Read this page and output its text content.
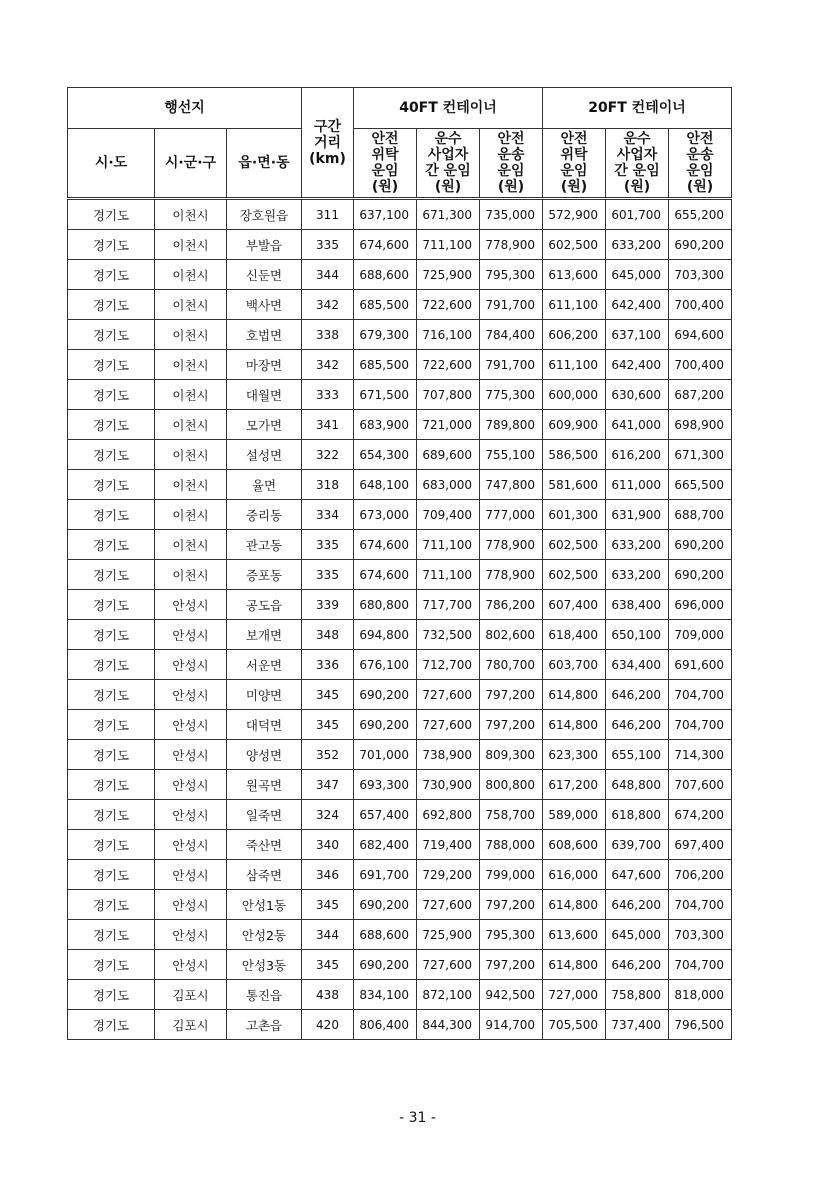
행선지			구간
거리
(km)	40FT 컨테이너			20FT 컨테이너		
시·도	시·군·구	읍·면·동		안전
위탁
운임
(원)	운수
사업자
간 운임
(원)	안전
운송
운임
(원)	안전
위탁
운임
(원)	운수
사업자
간 운임
(원)	안전
운송
운임
(원)

경기도	이천시	장호원읍	311	637,100	671,300	735,000	572,900	601,700	655,200
경기도	이천시	부발읍	335	674,600	711,100	778,900	602,500	633,200	690,200
경기도	이천시	신둔면	344	688,600	725,900	795,300	613,600	645,000	703,300
경기도	이천시	백사면	342	685,500	722,600	791,700	611,100	642,400	700,400
경기도	이천시	호법면	338	679,300	716,100	784,400	606,200	637,100	694,600
경기도	이천시	마장면	342	685,500	722,600	791,700	611,100	642,400	700,400
경기도	이천시	대월면	333	671,500	707,800	775,300	600,000	630,600	687,200
경기도	이천시	모가면	341	683,900	721,000	789,800	609,900	641,000	698,900
경기도	이천시	설성면	322	654,300	689,600	755,100	586,500	616,200	671,300
경기도	이천시	율면	318	648,100	683,000	747,800	581,600	611,000	665,500
경기도	이천시	중리동	334	673,000	709,400	777,000	601,300	631,900	688,700
경기도	이천시	관고동	335	674,600	711,100	778,900	602,500	633,200	690,200
경기도	이천시	증포동	335	674,600	711,100	778,900	602,500	633,200	690,200
경기도	안성시	공도읍	339	680,800	717,700	786,200	607,400	638,400	696,000
경기도	안성시	보개면	348	694,800	732,500	802,600	618,400	650,100	709,000
경기도	안성시	서운면	336	676,100	712,700	780,700	603,700	634,400	691,600
경기도	안성시	미양면	345	690,200	727,600	797,200	614,800	646,200	704,700
경기도	안성시	대덕면	345	690,200	727,600	797,200	614,800	646,200	704,700
경기도	안성시	양성면	352	701,000	738,900	809,300	623,300	655,100	714,300
경기도	안성시	원곡면	347	693,300	730,900	800,800	617,200	648,800	707,600
경기도	안성시	일죽면	324	657,400	692,800	758,700	589,000	618,800	674,200
경기도	안성시	죽산면	340	682,400	719,400	788,000	608,600	639,700	697,400
경기도	안성시	삼죽면	346	691,700	729,200	799,000	616,000	647,600	706,200
경기도	안성시	안성1동	345	690,200	727,600	797,200	614,800	646,200	704,700
경기도	안성시	안성2동	344	688,600	725,900	795,300	613,600	645,000	703,300
경기도	안성시	안성3동	345	690,200	727,600	797,200	614,800	646,200	704,700
경기도	김포시	통진읍	438	834,100	872,100	942,500	727,000	758,800	818,000
경기도	김포시	고촌읍	420	806,400	844,300	914,700	705,500	737,400	796,500
- 31 -
